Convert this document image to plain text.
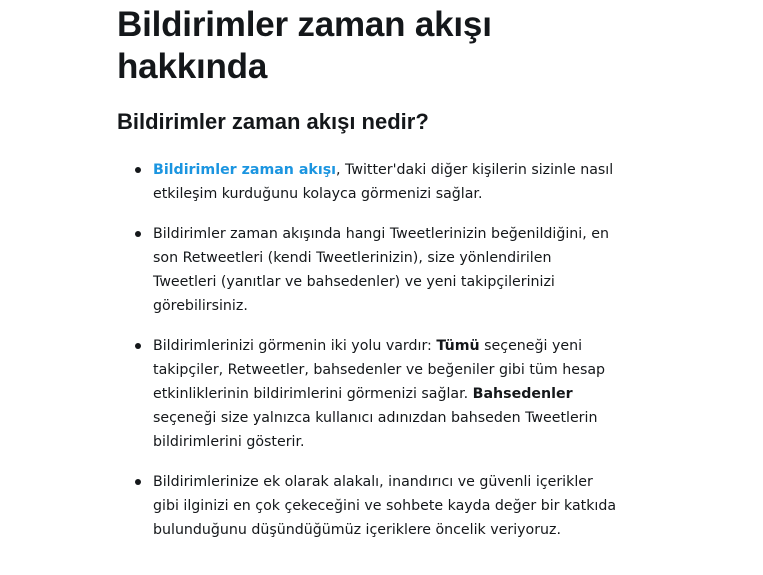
Bildirimler zaman akışı
hakkında
Bildirimler zaman akışı nedir?
Bildirimler zaman akışı, Twitter'daki diğer kişilerin sizinle nasıl etkileşim kurduğunu kolayca görmenizi sağlar.
Bildirimler zaman akışında hangi Tweetlerinizin beğenildiğini, en son Retweetleri (kendi Tweetlerinizin), size yönlendirilen Tweetleri (yanıtlar ve bahsedenler) ve yeni takipçilerinizi görebilirsiniz.
Bildirimlerinizi görmenin iki yolu vardır: Tümü seçeneği yeni takipçiler, Retweetler, bahsedenler ve beğeniler gibi tüm hesap etkinliklerinin bildirimlerini görmenizi sağlar. Bahsedenler seçeneği size yalnızca kullanıcı adınızdan bahseden Tweetlerin bildirimlerini gösterir.
Bildirimlerinize ek olarak alakalı, inandırıcı ve güvenli içerikler gibi ilginizi en çok çekeceğini ve sohbete kayda değer bir katkıda bulunduğunu düşündüğümüz içeriklere öncelik veriyoruz.
